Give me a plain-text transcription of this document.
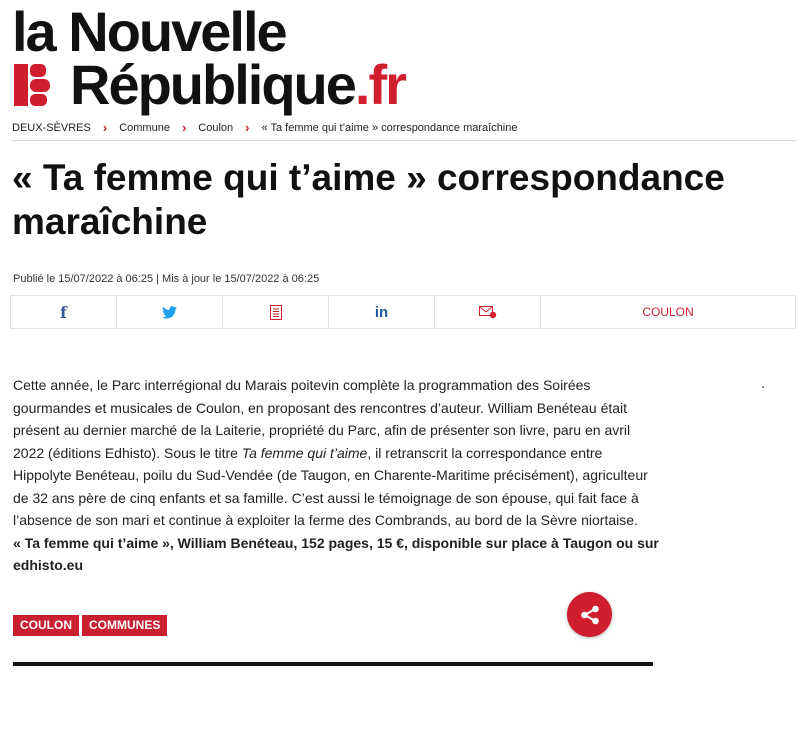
la Nouvelle
République.fr
DEUX-SÈVRES › Commune › Coulon › « Ta femme qui t’aime » correspondance maraîchine
« Ta femme qui t’aime » correspondance maraîchine
Publié le 15/07/2022 à 06:25 | Mis à jour le 15/07/2022 à 06:25
f	in	COULON

Cette année, le Parc interrégional du Marais poitevin complète la programmation des Soirées gourmandes et musicales de Coulon, en proposant des rencontres d’auteur. William Benéteau était présent au dernier marché de la Laiterie, propriété du Parc, afin de présenter son livre, paru en avril 2022 (éditions Edhisto). Sous le titre Ta femme qui t’aime, il retranscrit la correspondance entre Hippolyte Benéteau, poilu du Sud-Vendée (de Taugon, en Charente-Maritime précisément), agriculteur de 32 ans père de cinq enfants et sa famille. C’est aussi le témoignage de son épouse, qui fait face à l’absence de son mari et continue à exploiter la ferme des Combrands, au bord de la Sèvre niortaise.

« Ta femme qui t’aime », William Benéteau, 152 pages, 15 €, disponible sur place à Taugon ou sur edhisto.eu

COULON	COMMUNES
